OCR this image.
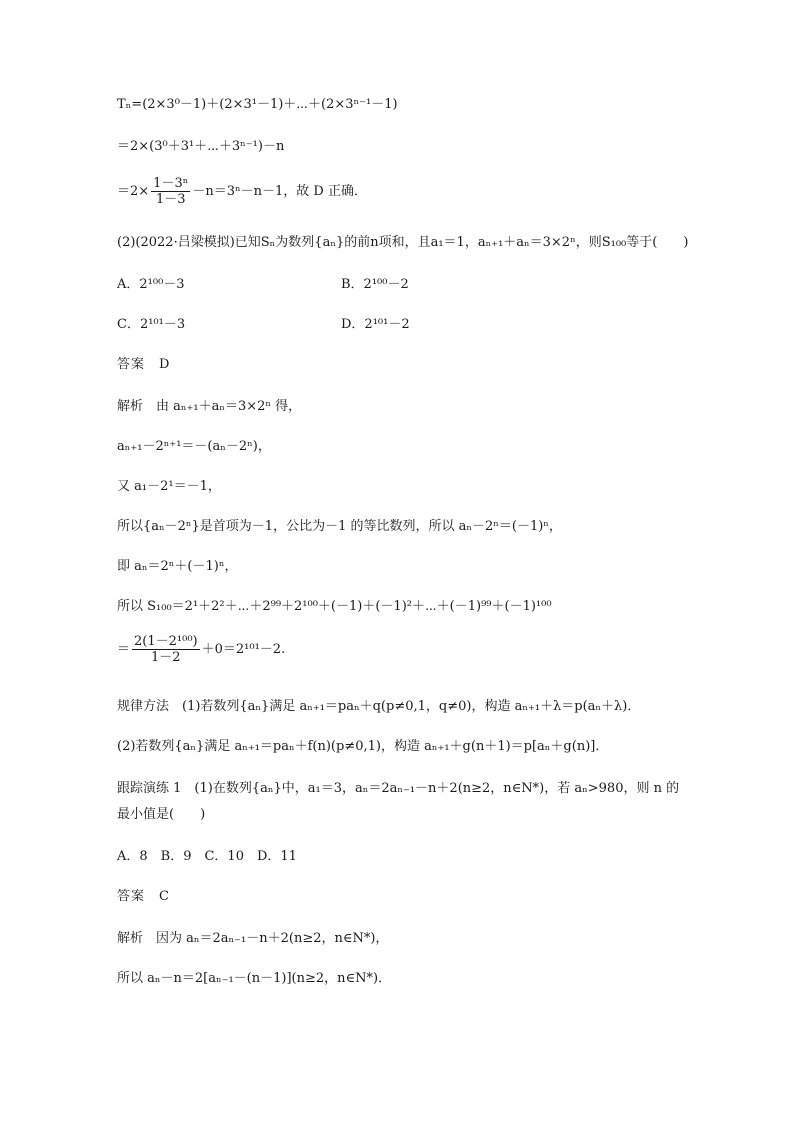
Tₙ=(2×3⁰－1)＋(2×3¹－1)＋⋯＋(2×3ⁿ⁻¹－1)
＝2×(3⁰＋3¹＋⋯＋3ⁿ⁻¹)－n
$=2\times \frac{\text{1－3ⁿ}}{1-3} -n=3^n-n-1$，故 D 正确．
(2)(2022·吕梁模拟)已知Sₙ为数列{aₙ}的前n项和，且a₁＝1，aₙ₊₁＋aₙ＝3×2ⁿ，则S₁₀₀等于(　　)
A．2¹⁰⁰－3	B．2¹⁰⁰－2
C．2¹⁰¹－3	D．2¹⁰¹－2
答案　D
解析　由 aₙ₊₁＋aₙ＝3×2ⁿ 得，
aₙ₊₁－2ⁿ⁺¹＝－(aₙ－2ⁿ)，
又 a₁－2¹＝－1，
所以{aₙ－2ⁿ}是首项为－1，公比为－1 的等比数列，所以 aₙ－2ⁿ＝(－1)ⁿ，
即 aₙ＝2ⁿ＋(－1)ⁿ，
所以 S₁₀₀＝2¹＋2²＋⋯＋2⁹⁹＋2¹⁰⁰＋(－1)＋(－1)²＋⋯＋(－1)⁹⁹＋(－1)¹⁰⁰
＝ $\frac{\text{2(1－2¹⁰⁰)}}{1-2} +0=2^{101}-2$.
规律方法　(1)若数列{aₙ}满足 aₙ₊₁＝paₙ＋q(p≠0,1，q≠0)，构造 aₙ₊₁＋λ＝p(aₙ＋λ)．
(2)若数列{aₙ}满足 aₙ₊₁＝paₙ＋f(n)(p≠0,1)，构造 aₙ₊₁＋g(n＋1)＝p[aₙ＋g(n)]．
跟踪演练 1　(1)在数列{aₙ}中，a₁＝3，aₙ＝2aₙ₋₁－n＋2(n≥2，n∈N*)，若 aₙ>980，则 n 的
最小值是(　　)
A．8　B．9　C．10　D．11
答案　C
解析　因为 aₙ＝2aₙ₋₁－n＋2(n≥2，n∈N*)，
所以 aₙ－n＝2[aₙ₋₁－(n－1)](n≥2，n∈N*)．
